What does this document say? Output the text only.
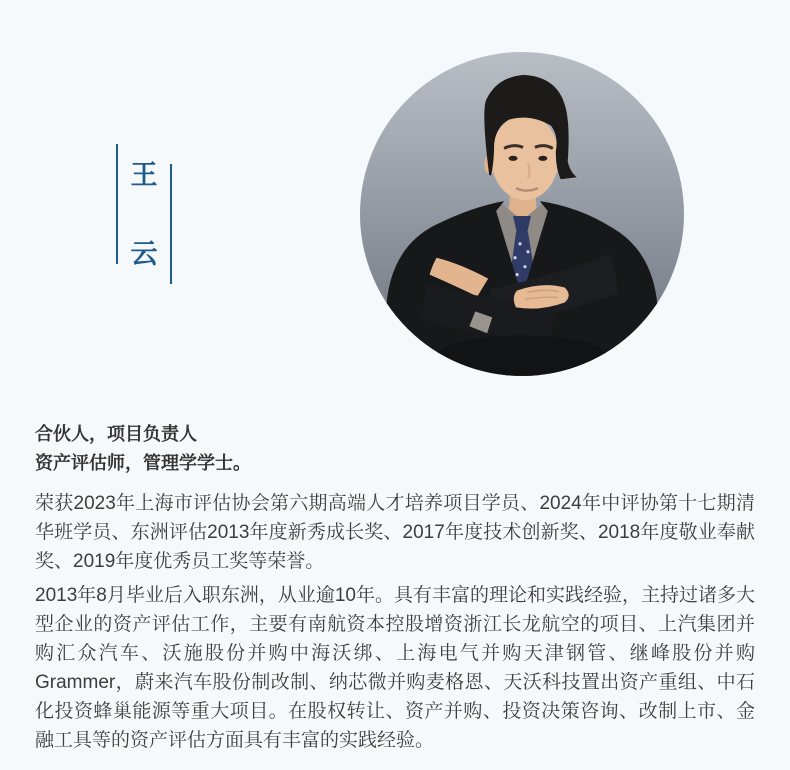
王
云

合伙人，项目负责人

资产评估师，管理学学士。

荣获2023年上海市评估协会第六期高端人才培养项目学员、2024年中评协第十七期清华班学员、东洲评估2013年度新秀成长奖、2017年度技术创新奖、2018年度敬业奉献奖、2019年度优秀员工奖等荣誉。

2013年8月毕业后入职东洲，从业逾10年。具有丰富的理论和实践经验，主持过诸多大型企业的资产评估工作，主要有南航资本控股增资浙江长龙航空的项目、上汽集团并购汇众汽车、沃施股份并购中海沃绑、上海电气并购天津钢管、继峰股份并购Grammer，蔚来汽车股份制改制、纳芯微并购麦格恩、天沃科技置出资产重组、中石化投资蜂巢能源等重大项目。在股权转让、资产并购、投资决策咨询、改制上市、金融工具等的资产评估方面具有丰富的实践经验。
